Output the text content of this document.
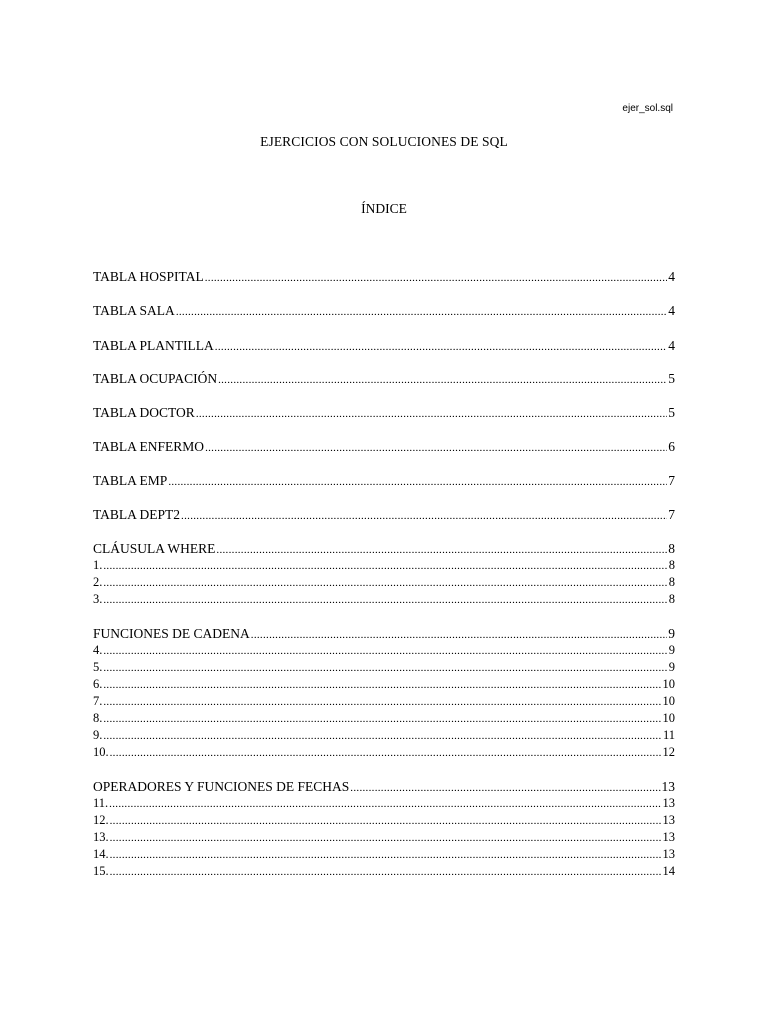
ejer_sol.sql
EJERCICIOS CON SOLUCIONES DE SQL
ÍNDICE
TABLA HOSPITAL .....	4
TABLA SALA .....	4
TABLA PLANTILLA .....	4
TABLA OCUPACIÓN .....	5
TABLA DOCTOR .....	5
TABLA ENFERMO .....	6
TABLA EMP .....	7
TABLA DEPT2 .....	7
CLÁUSULA WHERE .....	8
1. .....	8
2. .....	8
3. .....	8
FUNCIONES DE CADENA .....	9
4. .....	9
5. .....	9
6. .....	10
7. .....	10
8. .....	10
9. .....	11
10. .....	12
OPERADORES Y FUNCIONES DE FECHAS .....	13
11. .....	13
12. .....	13
13. .....	13
14. .....	13
15. .....	14
